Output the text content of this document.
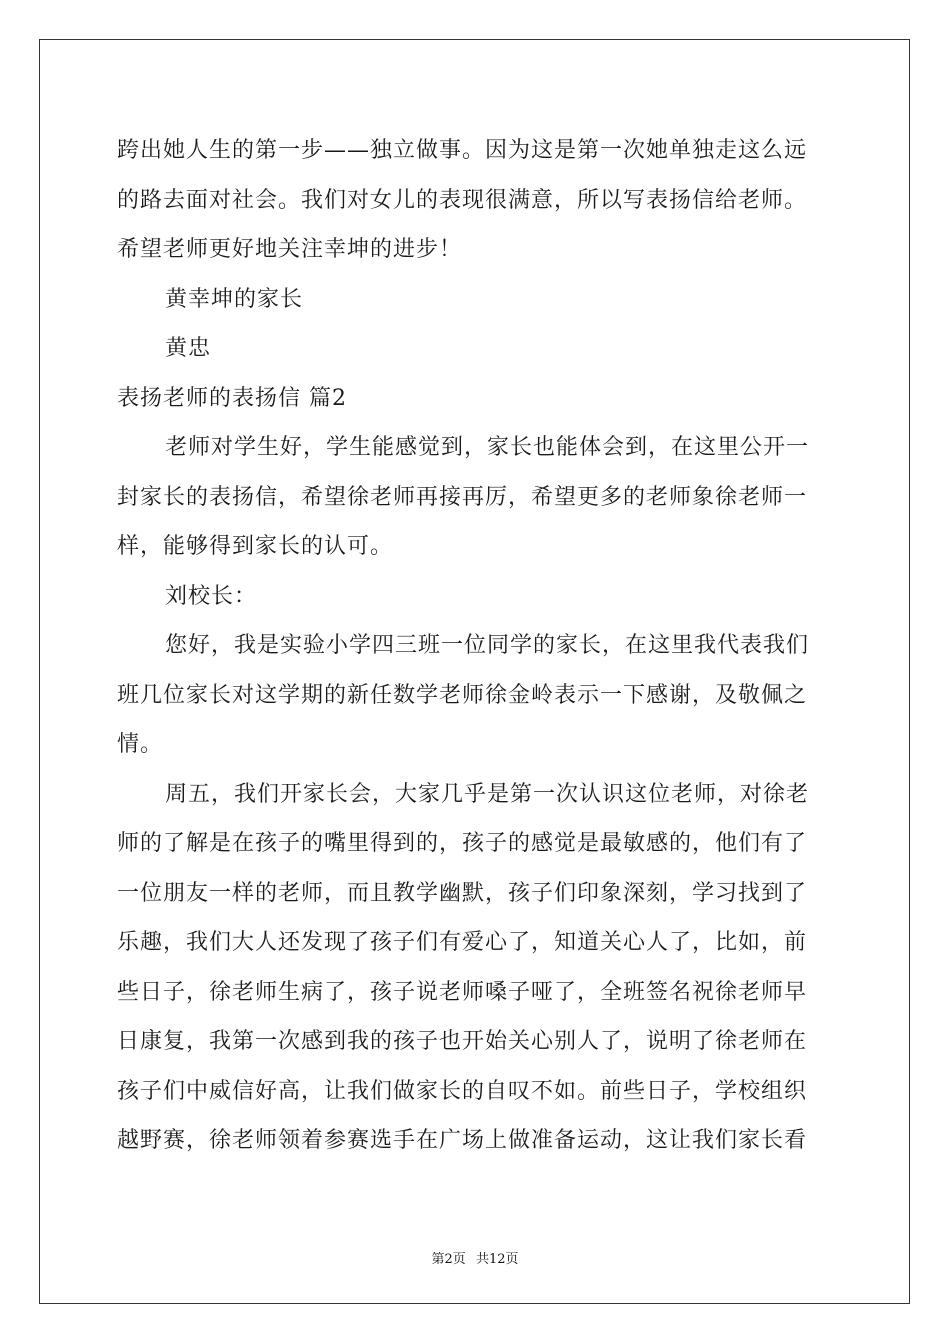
跨出她人生的第一步——独立做事。因为这是第一次她单独走这么远
的路去面对社会。我们对女儿的表现很满意，所以写表扬信给老师。
希望老师更好地关注幸坤的进步！
黄幸坤的家长
黄忠
表扬老师的表扬信 篇2
老师对学生好，学生能感觉到，家长也能体会到，在这里公开一
封家长的表扬信，希望徐老师再接再厉，希望更多的老师象徐老师一
样，能够得到家长的认可。
刘校长：
您好，我是实验小学四三班一位同学的家长，在这里我代表我们
班几位家长对这学期的新任数学老师徐金岭表示一下感谢，及敬佩之
情。
周五，我们开家长会，大家几乎是第一次认识这位老师，对徐老
师的了解是在孩子的嘴里得到的，孩子的感觉是最敏感的，他们有了
一位朋友一样的老师，而且教学幽默，孩子们印象深刻，学习找到了
乐趣，我们大人还发现了孩子们有爱心了，知道关心人了，比如，前
些日子，徐老师生病了，孩子说老师嗓子哑了，全班签名祝徐老师早
日康复，我第一次感到我的孩子也开始关心别人了，说明了徐老师在
孩子们中威信好高，让我们做家长的自叹不如。前些日子，学校组织
越野赛，徐老师领着参赛选手在广场上做准备运动，这让我们家长看
第2页 共12页
